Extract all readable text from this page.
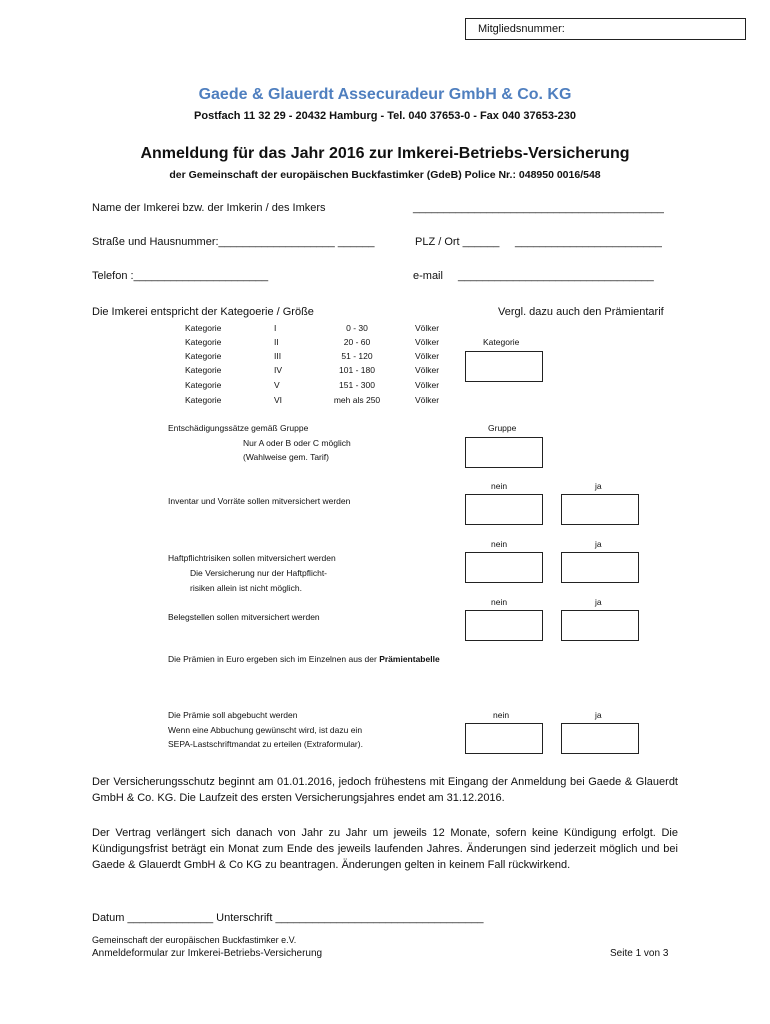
Mitgliedsnummer:
Gaede & Glauerdt Assecuradeur GmbH & Co. KG
Postfach 11 32 29 - 20432 Hamburg - Tel. 040 37653-0 - Fax 040 37653-230
Anmeldung für das Jahr 2016 zur Imkerei-Betriebs-Versicherung
der Gemeinschaft der europäischen Buckfastimker (GdeB) Police Nr.: 048950 0016/548
Name der Imkerei bzw. der Imkerin / des Imkers	_________________________________________
Straße und Hausnummer:___________________ ______	PLZ / Ort ______ ________________________
Telefon :______________________	e-mail ________________________________
Die Imkerei entspricht der Kategoerie / Größe	Vergl. dazu auch den Prämientarif
Kategorie	I	0 - 30	Völker
Kategorie	II	20 - 60	Völker
Kategorie	III	51 - 120	Völker
Kategorie	IV	101 - 180	Völker
Kategorie	V	151 - 300	Völker
Kategorie	VI	meh als 250	Völker
Kategorie
Entschädigungssätze gemäß Gruppe	Gruppe
Nur A oder B oder C möglich
(Wahlweise gem. Tarif)
nein	ja
Inventar und Vorräte sollen mitversichert werden
nein	ja
Haftpflichtrisiken sollen mitversichert werden
Die Versicherung nur der Haftpflicht-
risiken allein ist nicht möglich.
nein	ja
Belegstellen sollen mitversichert werden
Die Prämien in Euro ergeben sich im Einzelnen aus der Prämientabelle
Die Prämie soll abgebucht werden	nein	ja
Wenn eine Abbuchung gewünscht wird, ist dazu ein
SEPA-Lastschriftmandat zu erteilen (Extraformular).
Der Versicherungsschutz beginnt am 01.01.2016, jedoch frühestens mit Eingang der Anmeldung bei Gaede & Glauerdt GmbH & Co. KG. Die Laufzeit des ersten Versicherungsjahres endet am 31.12.2016.
Der Vertrag verlängert sich danach von Jahr zu Jahr um jeweils 12 Monate, sofern keine Kündigung erfolgt. Die Kündigungsfrist beträgt ein Monat zum Ende des jeweils laufenden Jahres. Änderungen sind jederzeit möglich und bei Gaede & Glauerdt GmbH & Co KG zu beantragen. Änderungen gelten in keinem Fall rückwirkend.
Datum ______________ Unterschrift __________________________________
Gemeinschaft der europäischen Buckfastimker e.V.
Anmeldeformular zur Imkerei-Betriebs-Versicherung	Seite 1 von 3
